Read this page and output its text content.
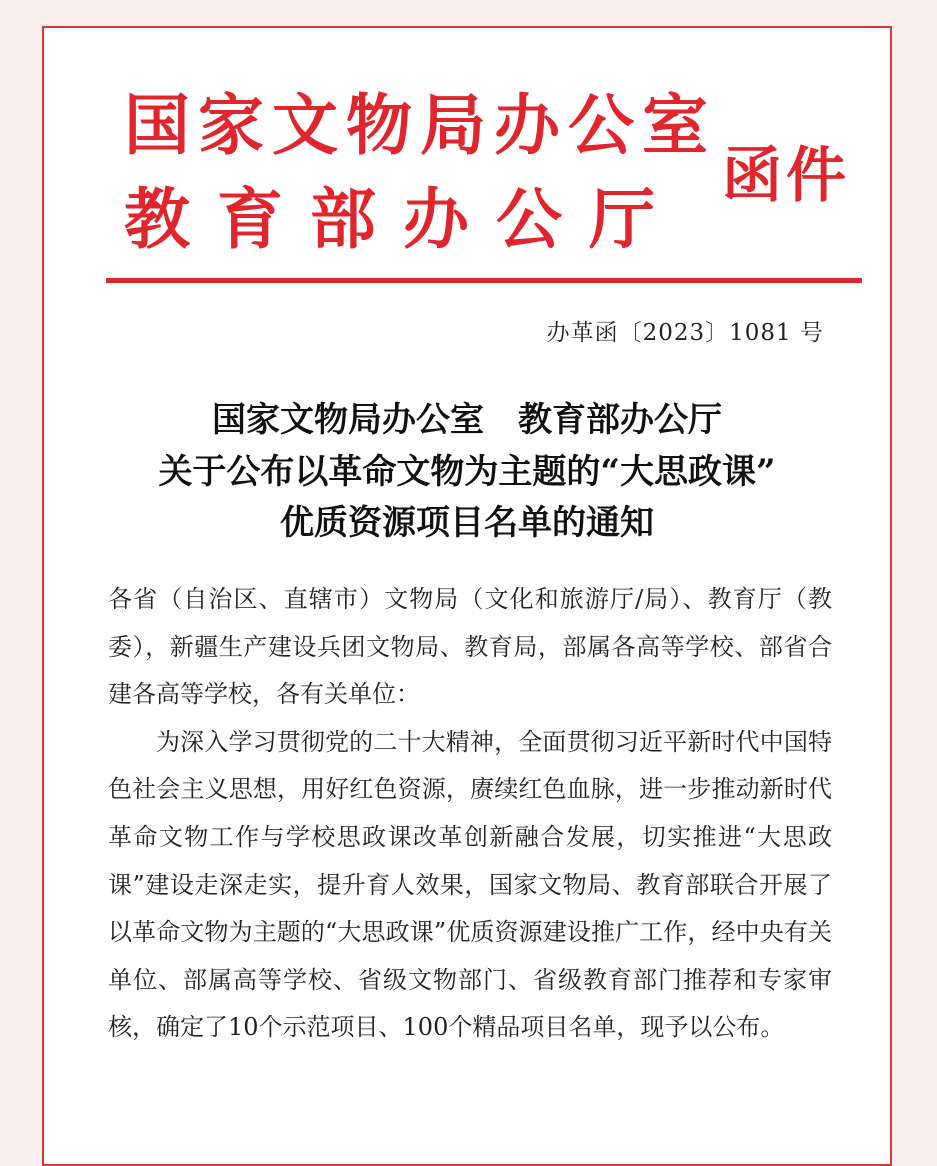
国家文物局办公室
教育部办公厅
函件
办革函〔2023〕1081 号
国家文物局办公室 教育部办公厅
关于公布以革命文物为主题的“大思政课”
优质资源项目名单的通知

各省（自治区、直辖市）文物局（文化和旅游厅/局）、教育厅（教委），新疆生产建设兵团文物局、教育局，部属各高等学校、部省合建各高等学校，各有关单位：

为深入学习贯彻党的二十大精神，全面贯彻习近平新时代中国特色社会主义思想，用好红色资源，赓续红色血脉，进一步推动新时代革命文物工作与学校思政课改革创新融合发展，切实推进“大思政课”建设走深走实，提升育人效果，国家文物局、教育部联合开展了以革命文物为主题的“大思政课”优质资源建设推广工作，经中央有关单位、部属高等学校、省级文物部门、省级教育部门推荐和专家审核，确定了10个示范项目、100个精品项目名单，现予以公布。
